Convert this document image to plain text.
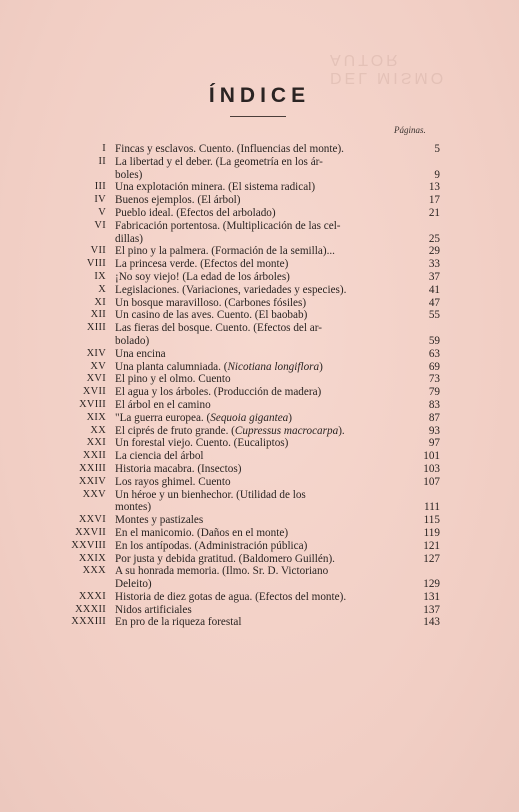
DEL MISMO AUTOR
ÍNDICE
Páginas.
I Fincas y esclavos. Cuento. (Influencias del monte).	5
II La libertad y el deber. (La geometría en los ár-
boles)	9
III Una explotación minera. (El sistema radical)	13
IV Buenos ejemplos. (El árbol)	17
V Pueblo ideal. (Efectos del arbolado)	21
VI Fabricación portentosa. (Multiplicación de las cel-
dillas)	25
VII El pino y la palmera. (Formación de la semilla)...	29
VIII La princesa verde. (Efectos del monte)	33
IX ¡No soy viejo! (La edad de los árboles)	37
X Legislaciones. (Variaciones, variedades y especies).	41
XI Un bosque maravilloso. (Carbones fósiles)	47
XII Un casino de las aves. Cuento. (El baobab)	55
XIII Las fieras del bosque. Cuento. (Efectos del ar-
bolado)	59
XIV Una encina	63
XV Una planta calumniada. (Nicotiana longiflora)	69
XVI El pino y el olmo. Cuento	73
XVII El agua y los árboles. (Producción de madera)	79
XVIII El árbol en el camino	83
XIX "La guerra europea. (Sequoia gigantea)	87
XX El ciprés de fruto grande. (Cupressus macrocarpa).	93
XXI Un forestal viejo. Cuento. (Eucaliptos)	97
XXII La ciencia del árbol	101
XXIII Historia macabra. (Insectos)	103
XXIV Los rayos ghimel. Cuento	107
XXV Un héroe y un bienhechor. (Utilidad de los
montes)	111
XXVI Montes y pastizales	115
XXVII En el manicomio. (Daños en el monte)	119
XXVIII En los antípodas. (Administración pública)	121
XXIX Por justa y debida gratitud. (Baldomero Guillén).	127
XXX A su honrada memoria. (Ilmo. Sr. D. Victoriano
Deleito)	129
XXXI Historia de diez gotas de agua. (Efectos del monte).	131
XXXII Nidos artificiales	137
XXXIII En pro de la riqueza forestal	143
